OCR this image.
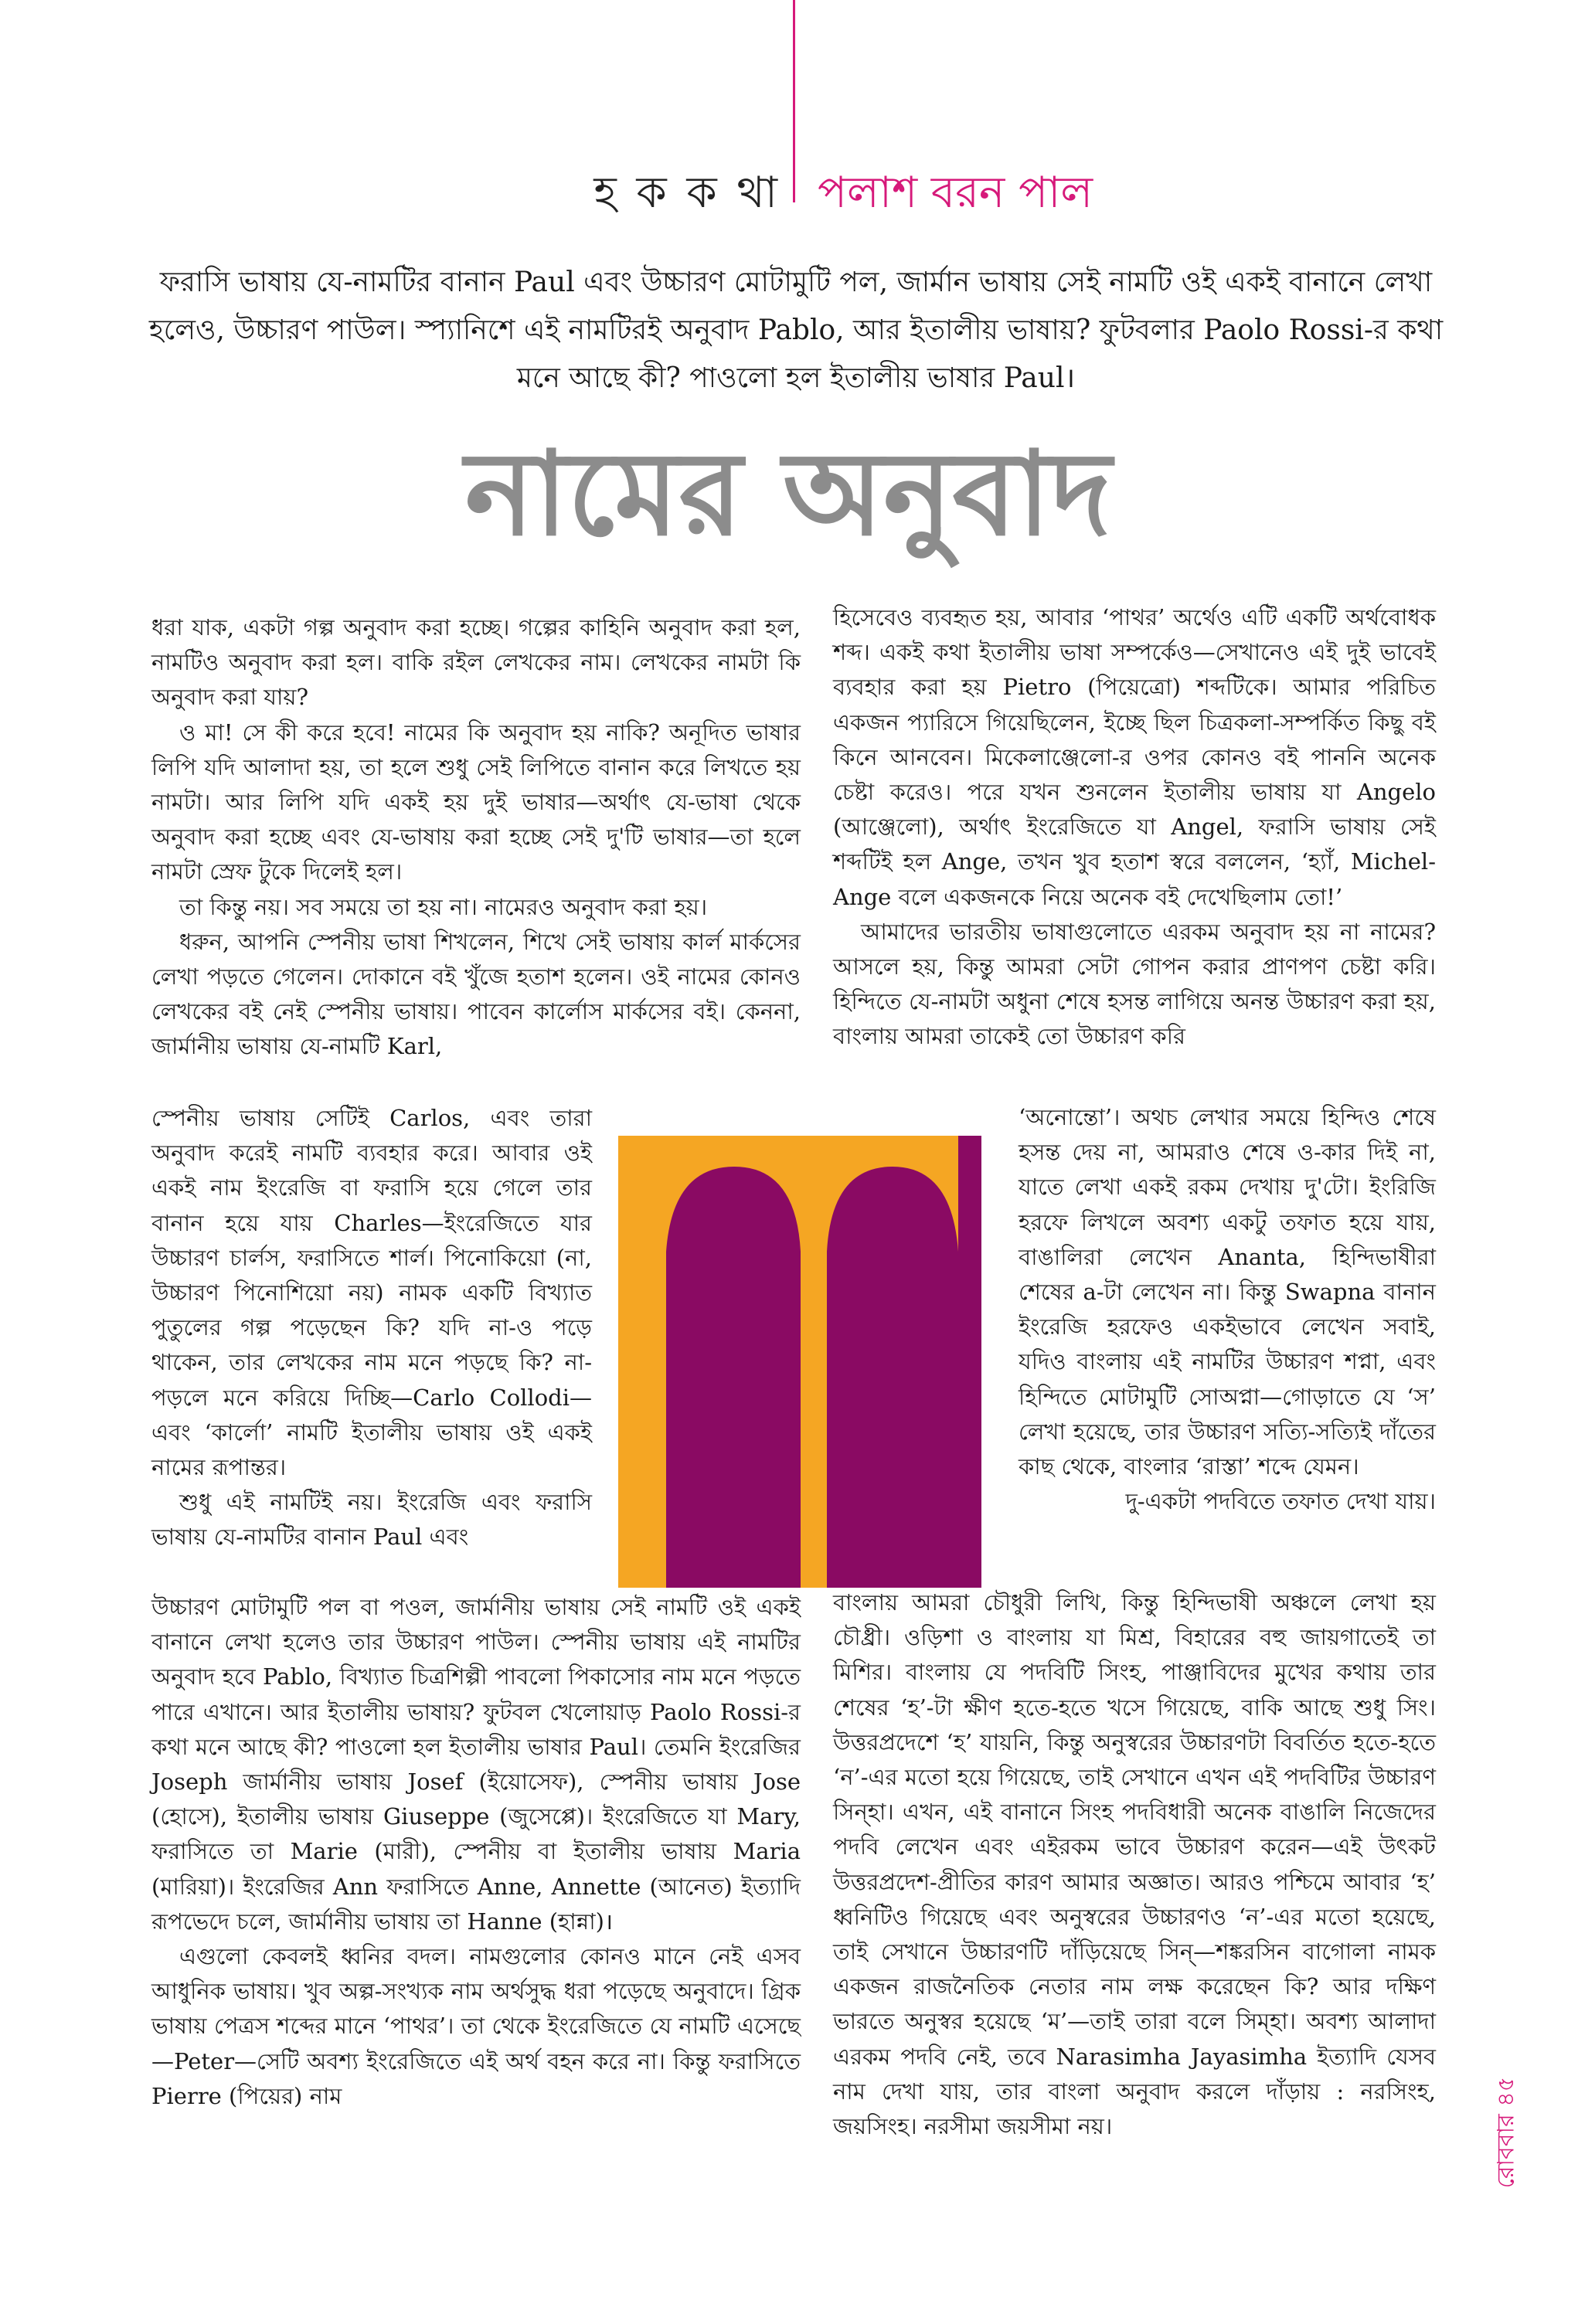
হ ক ক থা পলাশ বরন পাল
ফরাসি ভাষায় যে-নামটির বানান Paul এবং উচ্চারণ মোটামুটি পল, জার্মান ভাষায় সেই নামটি ওই একই বানানে লেখা হলেও, উচ্চারণ পাউল। স্প্যানিশে এই নামটিরই অনুবাদ Pablo, আর ইতালীয় ভাষায়? ফুটবলার Paolo Rossi-র কথা মনে আছে কী? পাওলো হল ইতালীয় ভাষার Paul।
নামের অনুবাদ

ধরা যাক, একটা গল্প অনুবাদ করা হচ্ছে। গল্পের কাহিনি অনুবাদ করা হল, নামটিও অনুবাদ করা হল। বাকি রইল লেখকের নাম। লেখকের নামটা কি অনুবাদ করা যায়?

ও মা! সে কী করে হবে! নামের কি অনুবাদ হয় নাকি? অনূদিত ভাষার লিপি যদি আলাদা হয়, তা হলে শুধু সেই লিপিতে বানান করে লিখতে হয় নামটা। আর লিপি যদি একই হয় দুই ভাষার—অর্থাৎ যে-ভাষা থেকে অনুবাদ করা হচ্ছে এবং যে-ভাষায় করা হচ্ছে সেই দু'টি ভাষার—তা হলে নামটা স্রেফ টুকে দিলেই হল।

তা কিন্তু নয়। সব সময়ে তা হয় না। নামেরও অনুবাদ করা হয়।

ধরুন, আপনি স্পেনীয় ভাষা শিখলেন, শিখে সেই ভাষায় কার্ল মার্কসের লেখা পড়তে গেলেন। দোকানে বই খুঁজে হতাশ হলেন। ওই নামের কোনও লেখকের বই নেই স্পেনীয় ভাষায়। পাবেন কার্লোস মার্কসের বই। কেননা, জার্মানীয় ভাষায় যে-নামটি Karl,

স্পেনীয় ভাষায় সেটিই Carlos, এবং তারা অনুবাদ করেই নামটি ব্যবহার করে। আবার ওই একই নাম ইংরেজি বা ফরাসি হয়ে গেলে তার বানান হয়ে যায় Charles—ইংরেজিতে যার উচ্চারণ চার্লস, ফরাসিতে শার্ল। পিনোকিয়ো (না, উচ্চারণ পিনোশিয়ো নয়) নামক একটি বিখ্যাত পুতুলের গল্প পড়েছেন কি? যদি না-ও পড়ে থাকেন, তার লেখকের নাম মনে পড়ছে কি? না-পড়লে মনে করিয়ে দিচ্ছি—Carlo Collodi—এবং ‘কার্লো’ নামটি ইতালীয় ভাষায় ওই একই নামের রূপান্তর।

শুধু এই নামটিই নয়। ইংরেজি এবং ফরাসি ভাষায় যে-নামটির বানান Paul এবং

উচ্চারণ মোটামুটি পল বা পওল, জার্মানীয় ভাষায় সেই নামটি ওই একই বানানে লেখা হলেও তার উচ্চারণ পাউল। স্পেনীয় ভাষায় এই নামটির অনুবাদ হবে Pablo, বিখ্যাত চিত্রশিল্পী পাবলো পিকাসোর নাম মনে পড়তে পারে এখানে। আর ইতালীয় ভাষায়? ফুটবল খেলোয়াড় Paolo Rossi-র কথা মনে আছে কী? পাওলো হল ইতালীয় ভাষার Paul। তেমনি ইংরেজির Joseph জার্মানীয় ভাষায় Josef (ইয়োসেফ), স্পেনীয় ভাষায় Jose (হোসে), ইতালীয় ভাষায় Giuseppe (জুসেপ্পে)। ইংরেজিতে যা Mary, ফরাসিতে তা Marie (মারী), স্পেনীয় বা ইতালীয় ভাষায় Maria (মারিয়া)। ইংরেজির Ann ফরাসিতে Anne, Annette (আনেত) ইত্যাদি রূপভেদে চলে, জার্মানীয় ভাষায় তা Hanne (হান্না)।

এগুলো কেবলই ধ্বনির বদল। নামগুলোর কোনও মানে নেই এসব আধুনিক ভাষায়। খুব অল্প-সংখ্যক নাম অর্থসুদ্ধ ধরা পড়েছে অনুবাদে। গ্রিক ভাষায় পেত্রস শব্দের মানে ‘পাথর’। তা থেকে ইংরেজিতে যে নামটি এসেছে—Peter—সেটি অবশ্য ইংরেজিতে এই অর্থ বহন করে না। কিন্তু ফরাসিতে Pierre (পিয়ের) নাম

হিসেবেও ব্যবহৃত হয়, আবার ‘পাথর’ অর্থেও এটি একটি অর্থবোধক শব্দ। একই কথা ইতালীয় ভাষা সম্পর্কেও—সেখানেও এই দুই ভাবেই ব্যবহার করা হয় Pietro (পিয়েত্রো) শব্দটিকে। আমার পরিচিত একজন প্যারিসে গিয়েছিলেন, ইচ্ছে ছিল চিত্রকলা-সম্পর্কিত কিছু বই কিনে আনবেন। মিকেলাঞ্জেলো-র ওপর কোনও বই পাননি অনেক চেষ্টা করেও। পরে যখন শুনলেন ইতালীয় ভাষায় যা Angelo (আঞ্জেলো), অর্থাৎ ইংরেজিতে যা Angel, ফরাসি ভাষায় সেই শব্দটিই হল Ange, তখন খুব হতাশ স্বরে বললেন, ‘হ্যাঁ, Michel-Ange বলে একজনকে নিয়ে অনেক বই দেখেছিলাম তো!’

আমাদের ভারতীয় ভাষাগুলোতে এরকম অনুবাদ হয় না নামের? আসলে হয়, কিন্তু আমরা সেটা গোপন করার প্রাণপণ চেষ্টা করি। হিন্দিতে যে-নামটা অধুনা শেষে হসন্ত লাগিয়ে অনন্ত উচ্চারণ করা হয়, বাংলায় আমরা তাকেই তো উচ্চারণ করি

‘অনোন্তো’। অথচ লেখার সময়ে হিন্দিও শেষে হসন্ত দেয় না, আমরাও শেষে ও-কার দিই না, যাতে লেখা একই রকম দেখায় দু'টো। ইংরিজি হরফে লিখলে অবশ্য একটু তফাত হয়ে যায়, বাঙালিরা লেখেন Ananta, হিন্দিভাষীরা শেষের a-টা লেখেন না। কিন্তু Swapna বানান ইংরেজি হরফেও একইভাবে লেখেন সবাই, যদিও বাংলায় এই নামটির উচ্চারণ শপ্না, এবং হিন্দিতে মোটামুটি সোঅপ্না—গোড়াতে যে ‘স’ লেখা হয়েছে, তার উচ্চারণ সত্যি-সত্যিই দাঁতের কাছ থেকে, বাংলার ‘রাস্তা’ শব্দে যেমন।

দু-একটা পদবিতে তফাত দেখা যায়।

বাংলায় আমরা চৌধুরী লিখি, কিন্তু হিন্দিভাষী অঞ্চলে লেখা হয় চৌধ্রী। ওড়িশা ও বাংলায় যা মিশ্র, বিহারের বহু জায়গাতেই তা মিশির। বাংলায় যে পদবিটি সিংহ, পাঞ্জাবিদের মুখের কথায় তার শেষের ‘হ’-টা ক্ষীণ হতে-হতে খসে গিয়েছে, বাকি আছে শুধু সিং। উত্তরপ্রদেশে ‘হ’ যায়নি, কিন্তু অনুস্বরের উচ্চারণটা বিবর্তিত হতে-হতে ‘ন’-এর মতো হয়ে গিয়েছে, তাই সেখানে এখন এই পদবিটির উচ্চারণ সিন্হা। এখন, এই বানানে সিংহ পদবিধারী অনেক বাঙালি নিজেদের পদবি লেখেন এবং এইরকম ভাবে উচ্চারণ করেন—এই উৎকট উত্তরপ্রদেশ-প্রীতির কারণ আমার অজ্ঞাত। আরও পশ্চিমে আবার ‘হ’ ধ্বনিটিও গিয়েছে এবং অনুস্বরের উচ্চারণও ‘ন’-এর মতো হয়েছে, তাই সেখানে উচ্চারণটি দাঁড়িয়েছে সিন্—শঙ্করসিন বাগোলা নামক একজন রাজনৈতিক নেতার নাম লক্ষ করেছেন কি? আর দক্ষিণ ভারতে অনুস্বর হয়েছে ‘ম’—তাই তারা বলে সিম্হা। অবশ্য আলাদা এরকম পদবি নেই, তবে Narasimha Jayasimha ইত্যাদি যেসব নাম দেখা যায়, তার বাংলা অনুবাদ করলে দাঁড়ায় : নরসিংহ, জয়সিংহ। নরসীমা জয়সীমা নয়।	রোববার ৪৫
